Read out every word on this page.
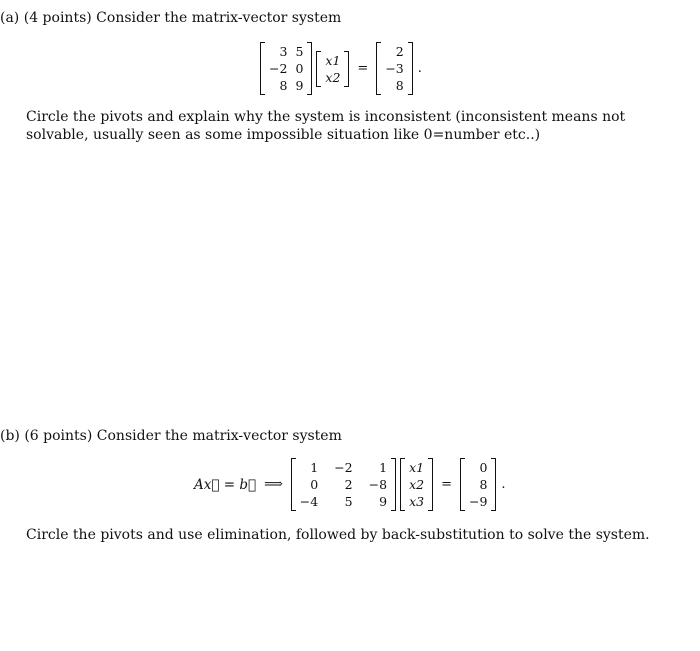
(a) (4 points) Consider the matrix-vector system
3
−2
8
5
0
9
x1
x2
=
2
−3
8
.
Circle the pivots and explain why the system is inconsistent (inconsistent means not solvable, usually seen as some impossible situation like 0=number etc..)
(b) (6 points) Consider the matrix-vector system
Ax⃗ = b⃗ ⟹
1
0
−4
−2
2
5
1
−8
9
x1
x2
x3
=
0
8
−9
.
Circle the pivots and use elimination, followed by back-substitution to solve the system.
